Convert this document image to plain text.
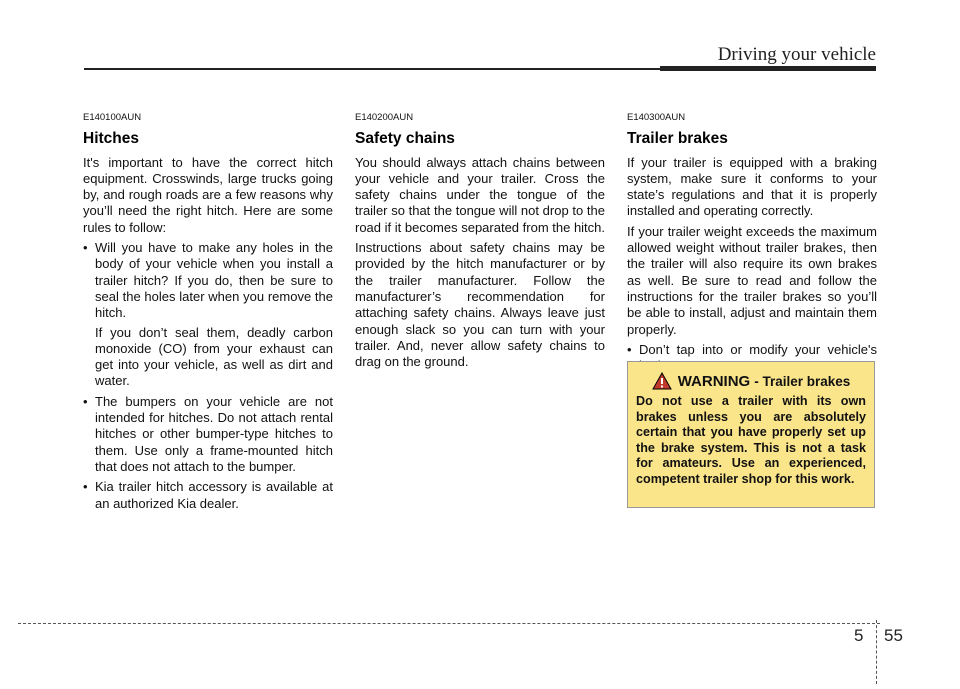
Driving your vehicle
E140100AUN
Hitches

It's important to have the correct hitch equipment. Crosswinds, large trucks going by, and rough roads are a few reasons why you’ll need the right hitch. Here are some rules to follow:

• Will you have to make any holes in the body of your vehicle when you install a trailer hitch? If you do, then be sure to seal the holes later when you remove the hitch.
If you don’t seal them, deadly carbon monoxide (CO) from your exhaust can get into your vehicle, as well as dirt and water.
• The bumpers on your vehicle are not intended for hitches. Do not attach rental hitches or other bumper-type hitches to them. Use only a frame-mounted hitch that does not attach to the bumper.
• Kia trailer hitch accessory is available at an authorized Kia dealer.
E140200AUN
Safety chains

You should always attach chains between your vehicle and your trailer. Cross the safety chains under the tongue of the trailer so that the tongue will not drop to the road if it becomes separated from the hitch.

Instructions about safety chains may be provided by the hitch manufacturer or by the trailer manufacturer. Follow the manufacturer’s recommendation for attaching safety chains. Always leave just enough slack so you can turn with your trailer. And, never allow safety chains to drag on the ground.

E140300AUN
Trailer brakes

If your trailer is equipped with a braking system, make sure it conforms to your state’s regulations and that it is properly installed and operating correctly.

If your trailer weight exceeds the maximum allowed weight without trailer brakes, then the trailer will also require its own brakes as well. Be sure to read and follow the instructions for the trailer brakes so you’ll be able to install, adjust and maintain them properly.

• Don’t tap into or modify your vehicle's
WARNING - Trailer brakes
Do not use a trailer with its own brakes unless you are absolutely certain that you have properly set up the brake system. This is not a task for amateurs. Use an experienced, competent trailer shop for this work.
5 55
